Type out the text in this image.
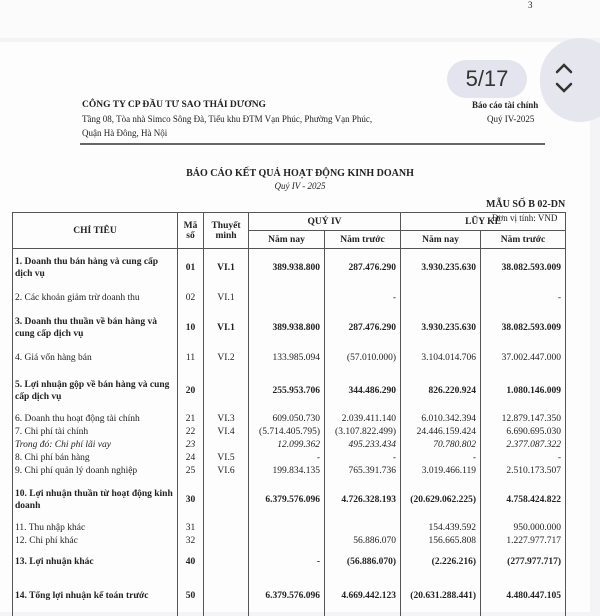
3
CÔNG TY CP ĐẦU TƯ SAO THÁI DƯƠNG
Tầng 08, Tòa nhà Simco Sông Đà, Tiểu khu ĐTM Vạn Phúc, Phường Vạn Phúc,
Quận Hà Đông, Hà Nội
Báo cáo tài chính
Quý IV-2025
BÁO CÁO KẾT QUẢ HOẠT ĐỘNG KINH DOANH
Quý IV - 2025
MẪU SỐ B 02-DN
Đơn vị tính: VND
CHỈ TIÊU	Mã số	Thuyết minh	QUÝ IV		LŨY KẾ	
			Năm nay	Năm trước	Năm nay	Năm trước
1. Doanh thu bán hàng và cung cấp dịch vụ	01	VI.1	389.938.800	287.476.290	3.930.235.630	38.082.593.009
2. Các khoản giảm trừ doanh thu	02	VI.1		-		-
3. Doanh thu thuần về bán hàng và cung cấp dịch vụ	10	VI.1	389.938.800	287.476.290	3.930.235.630	38.082.593.009
4. Giá vốn hàng bán	11	VI.2	133.985.094	(57.010.000)	3.104.014.706	37.002.447.000
5. Lợi nhuận gộp về bán hàng và cung cấp dịch vụ	20		255.953.706	344.486.290	826.220.924	1.080.146.009
6. Doanh thu hoạt động tài chính	21	VI.3	609.050.730	2.039.411.140	6.010.342.394	12.879.147.350
7. Chi phí tài chính	22	VI.4	(5.714.405.795)	(3.107.822.499)	24.446.159.424	6.690.695.030
Trong đó: Chi phí lãi vay	23		12.099.362	495.233.434	70.780.802	2.377.087.322
8. Chi phí bán hàng	24	VI.5	-	-	-	-
9. Chi phí quản lý doanh nghiệp	25	VI.6	199.834.135	765.391.736	3.019.466.119	2.510.173.507
10. Lợi nhuận thuần từ hoạt động kinh doanh	30		6.379.576.096	4.726.328.193	(20.629.062.225)	4.758.424.822
11. Thu nhập khác	31				154.439.592	950.000.000
12. Chi phí khác	32			56.886.070	156.665.808	1.227.977.717
13. Lợi nhuận khác	40		-	(56.886.070)	(2.226.216)	(277.977.717)
14. Tổng lợi nhuận kế toán trước	50		6.379.576.096	4.669.442.123	(20.631.288.441)	4.480.447.105
5/17
